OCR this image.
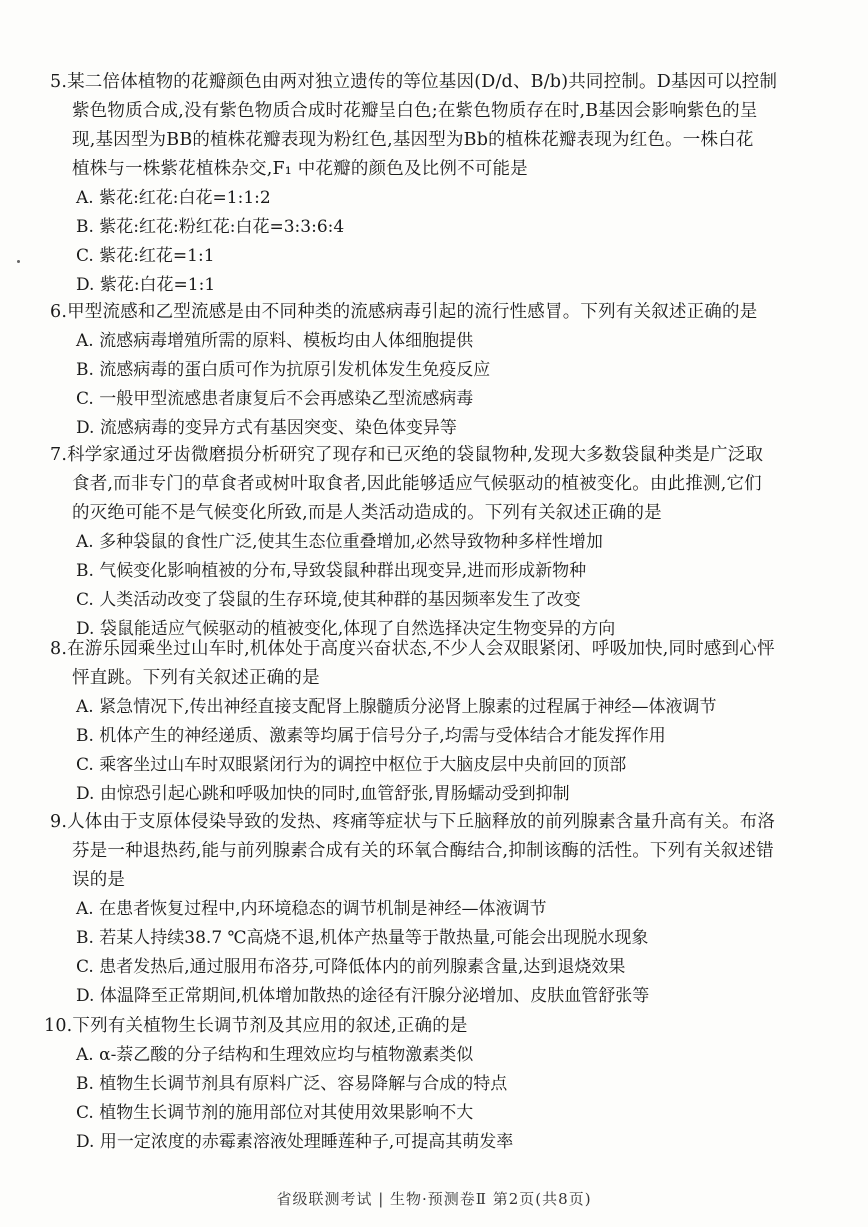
5.某二倍体植物的花瓣颜色由两对独立遗传的等位基因(D/d、B/b)共同控制。D基因可以控制
紫色物质合成,没有紫色物质合成时花瓣呈白色;在紫色物质存在时,B基因会影响紫色的呈
现,基因型为BB的植株花瓣表现为粉红色,基因型为Bb的植株花瓣表现为红色。一株白花
植株与一株紫花植株杂交,F₁ 中花瓣的颜色及比例不可能是
A. 紫花:红花:白花=1:1:2
B. 紫花:红花:粉红花:白花=3:3:6:4
C. 紫花:红花=1:1
D. 紫花:白花=1:1
6.甲型流感和乙型流感是由不同种类的流感病毒引起的流行性感冒。下列有关叙述正确的是
A. 流感病毒增殖所需的原料、模板均由人体细胞提供
B. 流感病毒的蛋白质可作为抗原引发机体发生免疫反应
C. 一般甲型流感患者康复后不会再感染乙型流感病毒
D. 流感病毒的变异方式有基因突变、染色体变异等
7.科学家通过牙齿微磨损分析研究了现存和已灭绝的袋鼠物种,发现大多数袋鼠种类是广泛取
食者,而非专门的草食者或树叶取食者,因此能够适应气候驱动的植被变化。由此推测,它们
的灭绝可能不是气候变化所致,而是人类活动造成的。下列有关叙述正确的是
A. 多种袋鼠的食性广泛,使其生态位重叠增加,必然导致物种多样性增加
B. 气候变化影响植被的分布,导致袋鼠种群出现变异,进而形成新物种
C. 人类活动改变了袋鼠的生存环境,使其种群的基因频率发生了改变
D. 袋鼠能适应气候驱动的植被变化,体现了自然选择决定生物变异的方向
8.在游乐园乘坐过山车时,机体处于高度兴奋状态,不少人会双眼紧闭、呼吸加快,同时感到心怦
怦直跳。下列有关叙述正确的是
A. 紧急情况下,传出神经直接支配肾上腺髓质分泌肾上腺素的过程属于神经—体液调节
B. 机体产生的神经递质、激素等均属于信号分子,均需与受体结合才能发挥作用
C. 乘客坐过山车时双眼紧闭行为的调控中枢位于大脑皮层中央前回的顶部
D. 由惊恐引起心跳和呼吸加快的同时,血管舒张,胃肠蠕动受到抑制
9.人体由于支原体侵染导致的发热、疼痛等症状与下丘脑释放的前列腺素含量升高有关。布洛
芬是一种退热药,能与前列腺素合成有关的环氧合酶结合,抑制该酶的活性。下列有关叙述错
误的是
A. 在患者恢复过程中,内环境稳态的调节机制是神经—体液调节
B. 若某人持续38.7 ℃高烧不退,机体产热量等于散热量,可能会出现脱水现象
C. 患者发热后,通过服用布洛芬,可降低体内的前列腺素含量,达到退烧效果
D. 体温降至正常期间,机体增加散热的途径有汗腺分泌增加、皮肤血管舒张等
10.下列有关植物生长调节剂及其应用的叙述,正确的是
A. α-萘乙酸的分子结构和生理效应均与植物激素类似
B. 植物生长调节剂具有原料广泛、容易降解与合成的特点
C. 植物生长调节剂的施用部位对其使用效果影响不大
D. 用一定浓度的赤霉素溶液处理睡莲种子,可提高其萌发率
省级联测考试 | 生物·预测卷Ⅱ 第2页(共8页)
